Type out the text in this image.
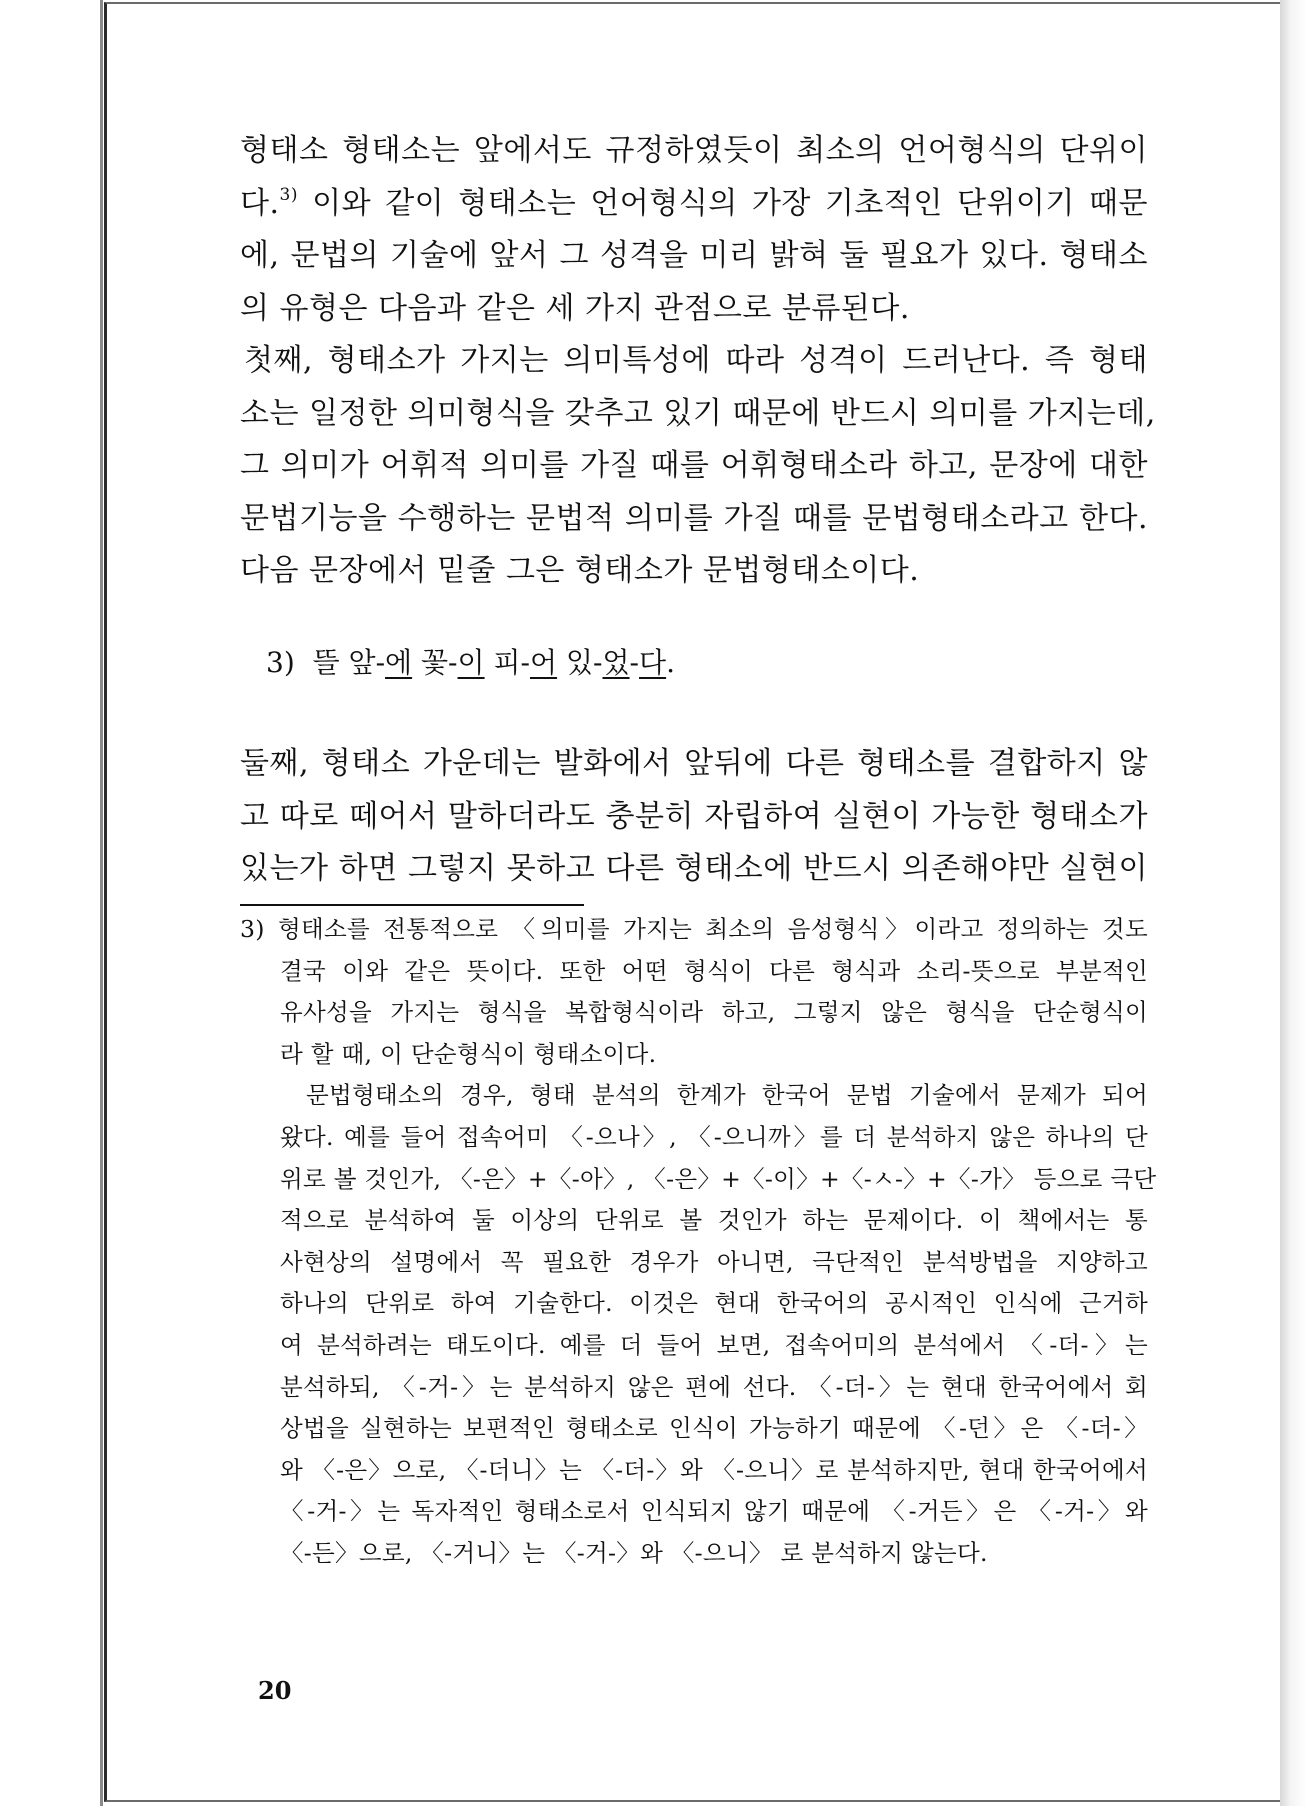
형태소 형태소는 앞에서도 규정하였듯이 최소의 언어형식의 단위이
다.$^{3)}$ 이와 같이 형태소는 언어형식의 가장 기초적인 단위이기 때문
에, 문법의 기술에 앞서 그 성격을 미리 밝혀 둘 필요가 있다. 형태소
의 유형은 다음과 같은 세 가지 관점으로 분류된다.
첫째, 형태소가 가지는 의미특성에 따라 성격이 드러난다. 즉 형태
소는 일정한 의미형식을 갖추고 있기 때문에 반드시 의미를 가지는데,
그 의미가 어휘적 의미를 가질 때를 어휘형태소라 하고, 문장에 대한
문법기능을 수행하는 문법적 의미를 가질 때를 문법형태소라고 한다.
다음 문장에서 밑줄 그은 형태소가 문법형태소이다.
3) 뜰 앞-에 꽃-이 피-어 있-었-다.
둘째, 형태소 가운데는 발화에서 앞뒤에 다른 형태소를 결합하지 않
고 따로 떼어서 말하더라도 충분히 자립하여 실현이 가능한 형태소가
있는가 하면 그렇지 못하고 다른 형태소에 반드시 의존해야만 실현이
3) 형태소를 전통적으로 〈의미를 가지는 최소의 음성형식〉이라고 정의하는 것도
결국 이와 같은 뜻이다. 또한 어떤 형식이 다른 형식과 소리-뜻으로 부분적인
유사성을 가지는 형식을 복합형식이라 하고, 그렇지 않은 형식을 단순형식이
라 할 때, 이 단순형식이 형태소이다.
문법형태소의 경우, 형태 분석의 한계가 한국어 문법 기술에서 문제가 되어
왔다. 예를 들어 접속어미 〈-으나〉, 〈-으니까〉를 더 분석하지 않은 하나의 단
위로 볼 것인가, 〈-은〉+〈-아〉, 〈-은〉+〈-이〉+〈-ㅅ-〉+〈-가〉 등으로 극단
적으로 분석하여 둘 이상의 단위로 볼 것인가 하는 문제이다. 이 책에서는 통
사현상의 설명에서 꼭 필요한 경우가 아니면, 극단적인 분석방법을 지양하고
하나의 단위로 하여 기술한다. 이것은 현대 한국어의 공시적인 인식에 근거하
여 분석하려는 태도이다. 예를 더 들어 보면, 접속어미의 분석에서 〈-더-〉는
분석하되, 〈-거-〉는 분석하지 않은 편에 선다. 〈-더-〉는 현대 한국어에서 회
상법을 실현하는 보편적인 형태소로 인식이 가능하기 때문에 〈-던〉은 〈-더-〉
와 〈-은〉으로, 〈-더니〉는 〈-더-〉와 〈-으니〉로 분석하지만, 현대 한국어에서
〈-거-〉는 독자적인 형태소로서 인식되지 않기 때문에 〈-거든〉은 〈-거-〉와
〈-든〉으로, 〈-거니〉는 〈-거-〉와 〈-으니〉 로 분석하지 않는다.
20
